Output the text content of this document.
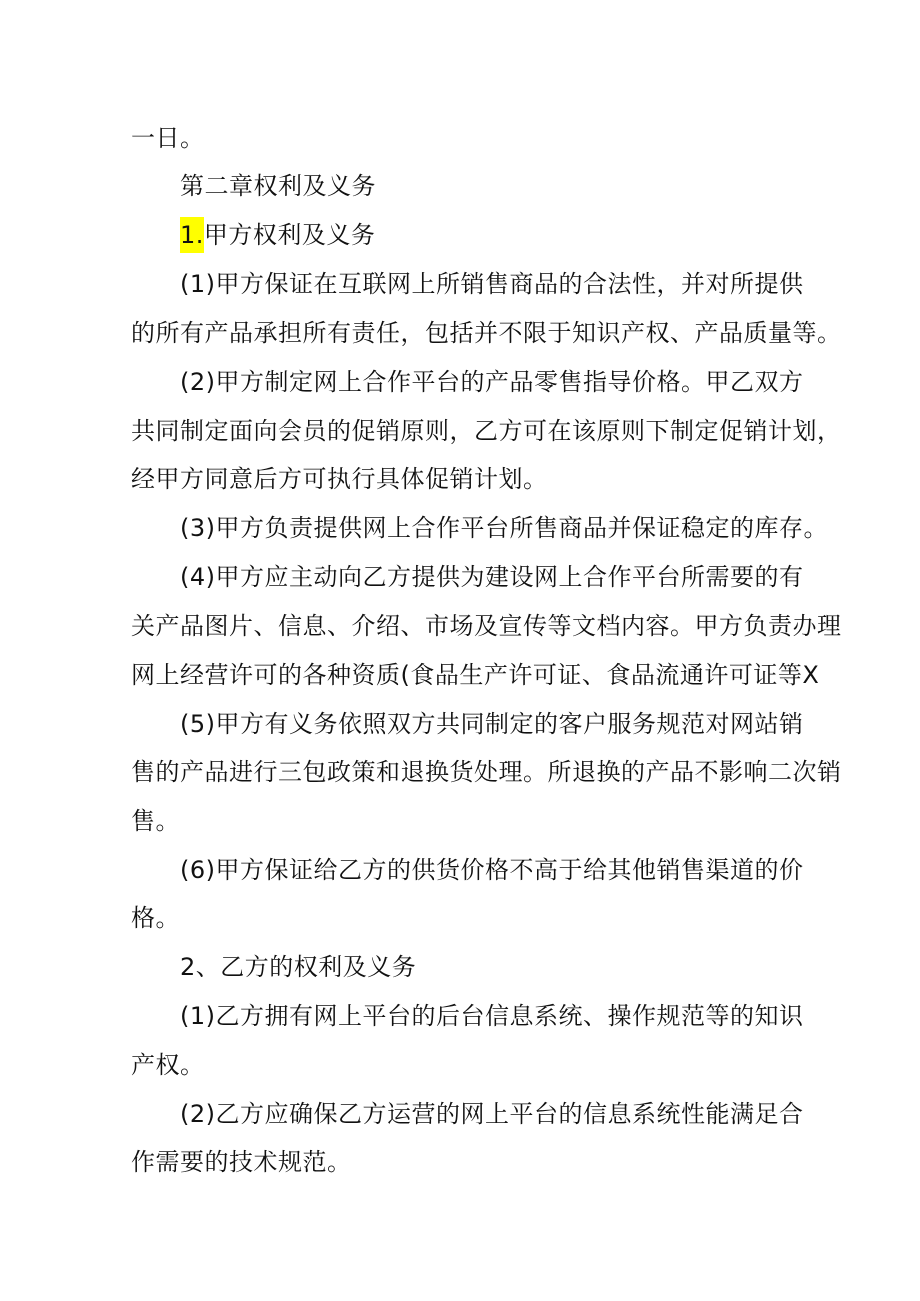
一日。
第二章权利及义务
1.甲方权利及义务
(1)甲方保证在互联网上所销售商品的合法性，并对所提供
的所有产品承担所有责任，包括并不限于知识产权、产品质量等。
(2)甲方制定网上合作平台的产品零售指导价格。甲乙双方
共同制定面向会员的促销原则，乙方可在该原则下制定促销计划，
经甲方同意后方可执行具体促销计划。
(3)甲方负责提供网上合作平台所售商品并保证稳定的库存。
(4)甲方应主动向乙方提供为建设网上合作平台所需要的有
关产品图片、信息、介绍、市场及宣传等文档内容。甲方负责办理
网上经营许可的各种资质(食品生产许可证、食品流通许可证等X
(5)甲方有义务依照双方共同制定的客户服务规范对网站销
售的产品进行三包政策和退换货处理。所退换的产品不影响二次销
售。
(6)甲方保证给乙方的供货价格不高于给其他销售渠道的价
格。
2、乙方的权利及义务
(1)乙方拥有网上平台的后台信息系统、操作规范等的知识
产权。
(2)乙方应确保乙方运营的网上平台的信息系统性能满足合
作需要的技术规范。
